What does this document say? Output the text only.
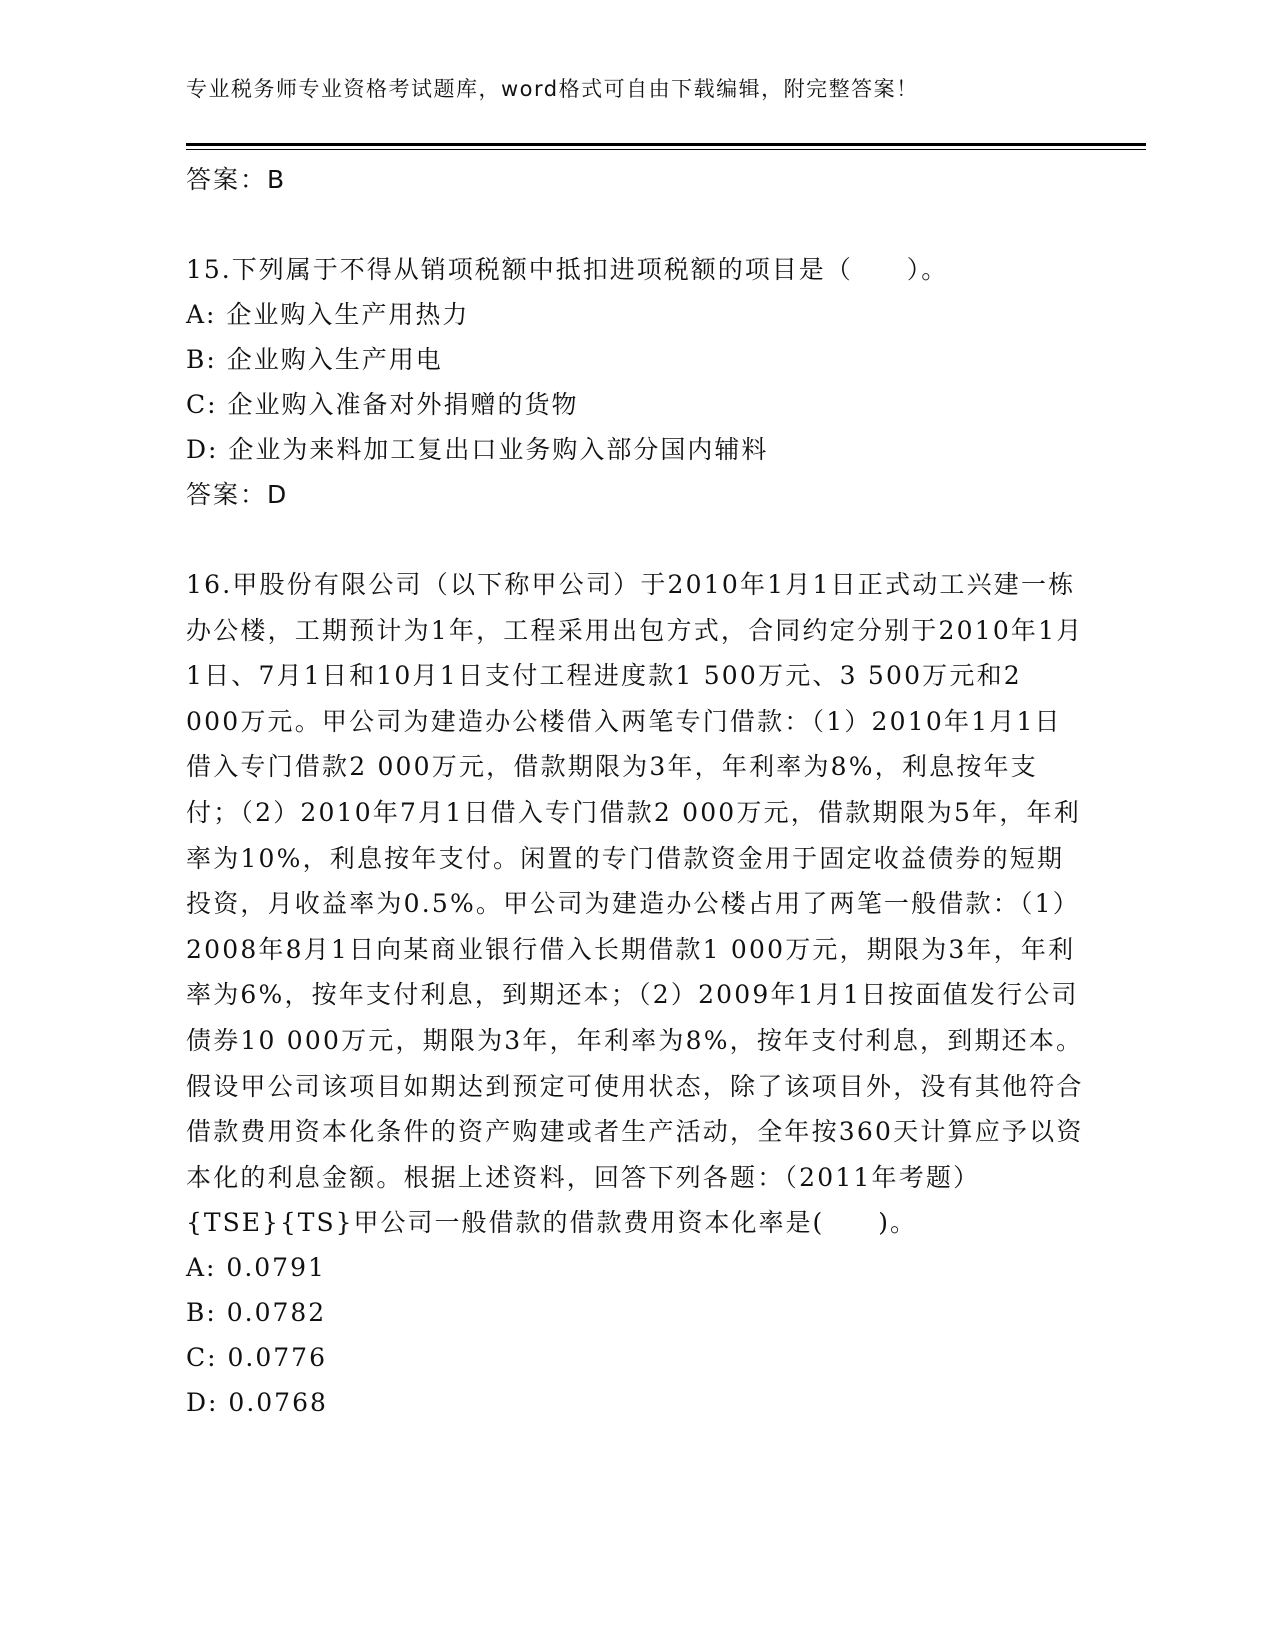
专业税务师专业资格考试题库，word格式可自由下载编辑，附完整答案！
答案：B
15.下列属于不得从销项税额中抵扣进项税额的项目是（　　）。
A: 企业购入生产用热力
B: 企业购入生产用电
C: 企业购入准备对外捐赠的货物
D: 企业为来料加工复出口业务购入部分国内辅料
答案：D
16.甲股份有限公司（以下称甲公司）于2010年1月1日正式动工兴建一栋办公楼，工期预计为1年，工程采用出包方式，合同约定分别于2010年1月1日、7月1日和10月1日支付工程进度款1 500万元、3 500万元和2 000万元。甲公司为建造办公楼借入两笔专门借款：（1）2010年1月1日借入专门借款2 000万元，借款期限为3年，年利率为8%，利息按年支付；（2）2010年7月1日借入专门借款2 000万元，借款期限为5年，年利率为10%，利息按年支付。闲置的专门借款资金用于固定收益债券的短期投资，月收益率为0.5%。甲公司为建造办公楼占用了两笔一般借款：（1）2008年8月1日向某商业银行借入长期借款1 000万元，期限为3年，年利率为6%，按年支付利息，到期还本；（2）2009年1月1日按面值发行公司债券10 000万元，期限为3年，年利率为8%，按年支付利息，到期还本。假设甲公司该项目如期达到预定可使用状态，除了该项目外，没有其他符合借款费用资本化条件的资产购建或者生产活动，全年按360天计算应予以资本化的利息金额。根据上述资料，回答下列各题：（2011年考题）
{TSE}{TS}甲公司一般借款的借款费用资本化率是(　　)。
A: 0.0791
B: 0.0782
C: 0.0776
D: 0.0768
